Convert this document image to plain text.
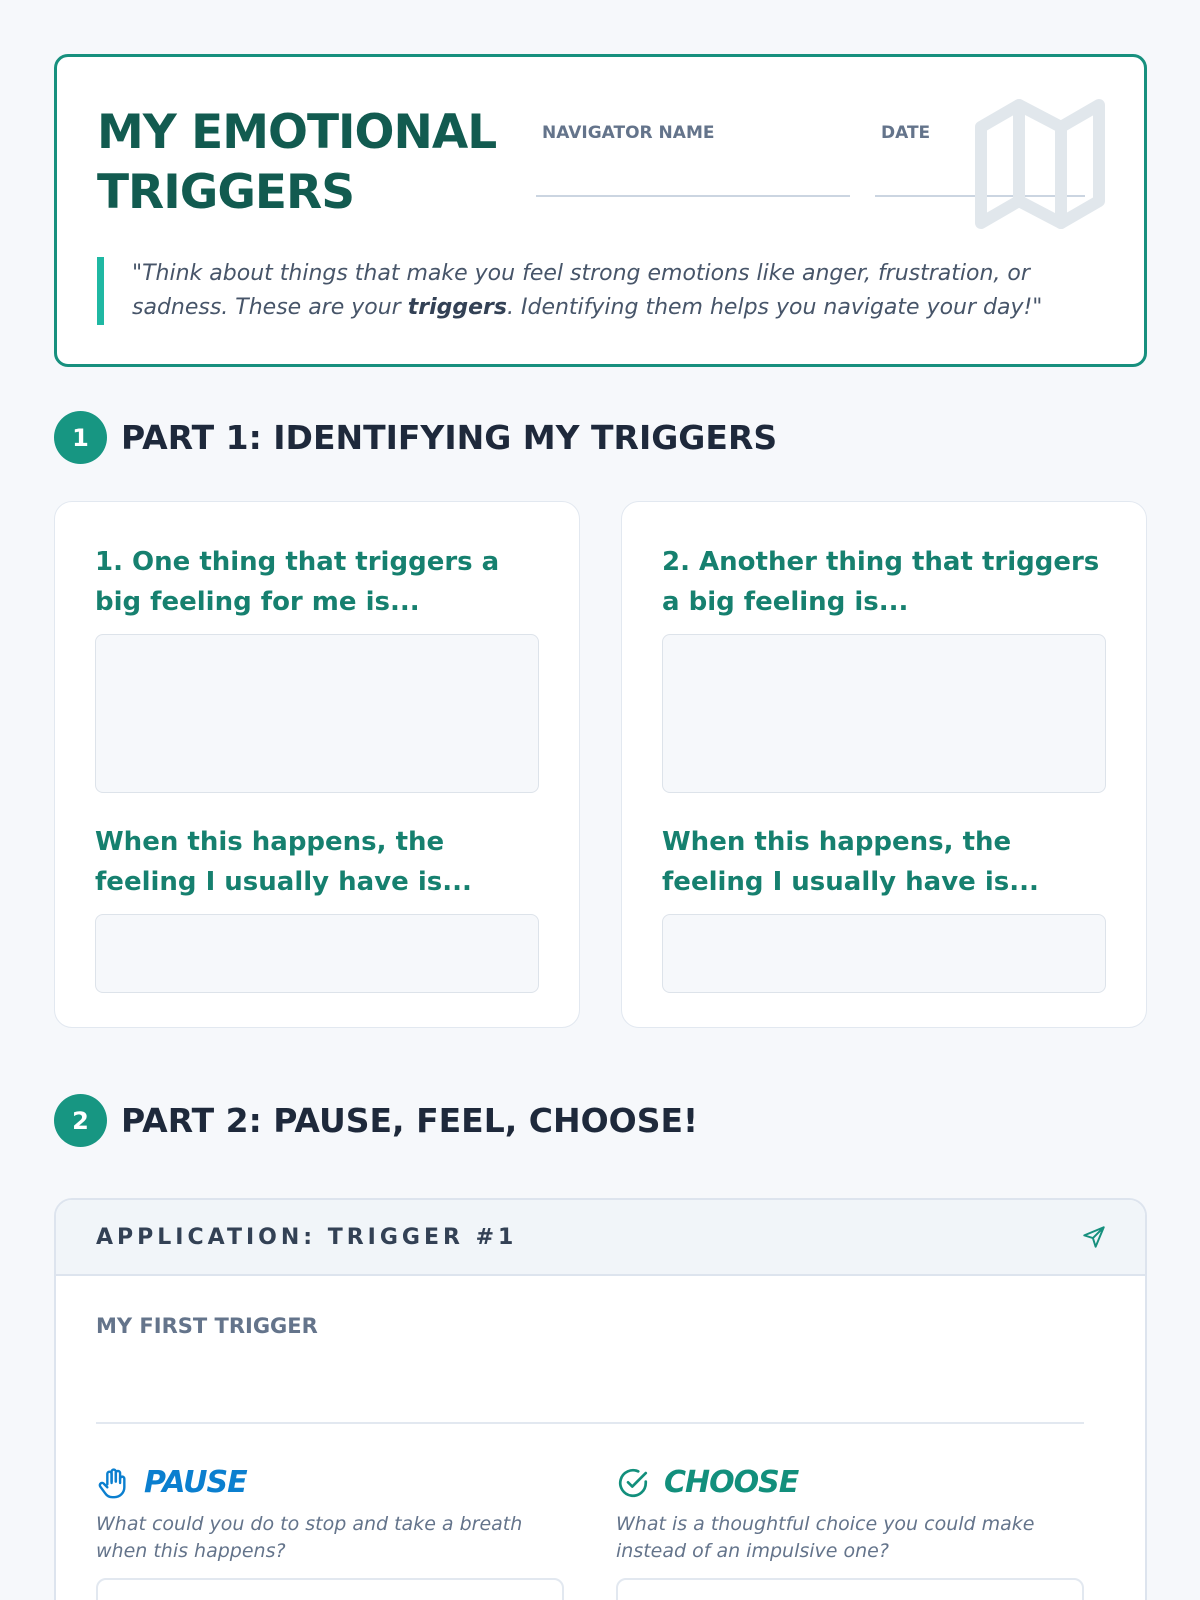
MY EMOTIONAL
TRIGGERS
NAVIGATOR NAME	DATE
"Think about things that make you feel strong emotions like anger, frustration, or sadness. These are your triggers. Identifying them helps you navigate your day!"
1 PART 1: IDENTIFYING MY TRIGGERS
1. One thing that triggers a big feeling for me is...
When this happens, the feeling I usually have is...
2. Another thing that triggers a big feeling is...
When this happens, the feeling I usually have is...
2 PART 2: PAUSE, FEEL, CHOOSE!
APPLICATION: TRIGGER #1
MY FIRST TRIGGER
PAUSE
What could you do to stop and take a breath when this happens?
CHOOSE
What is a thoughtful choice you could make instead of an impulsive one?
